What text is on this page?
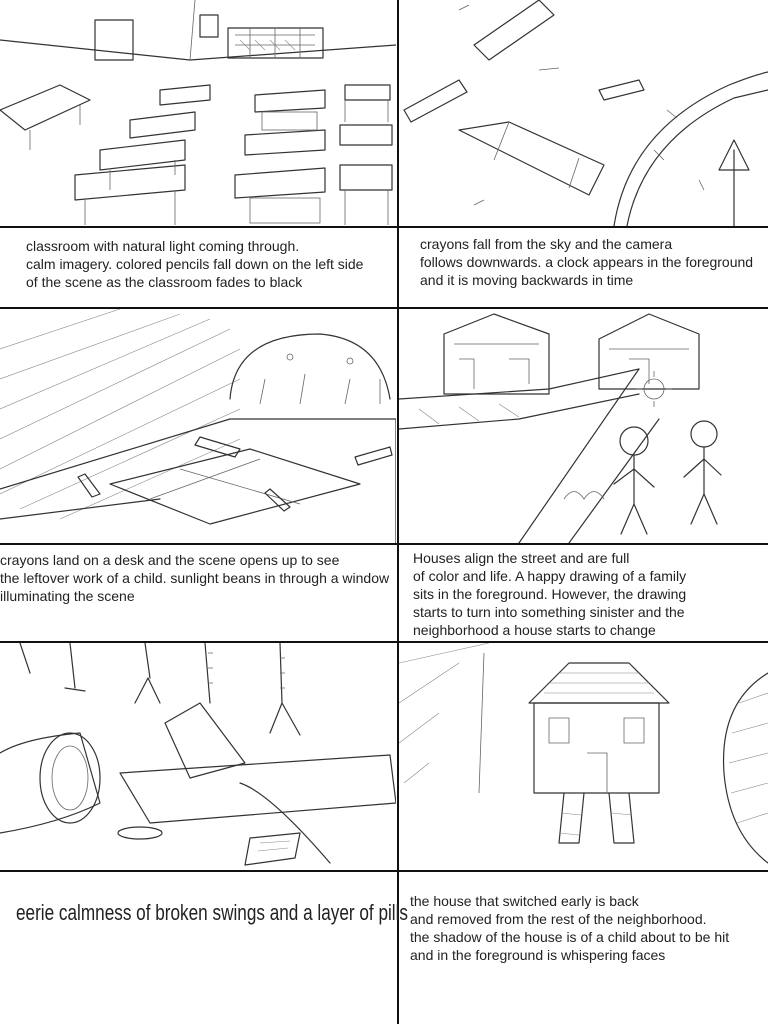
classroom with natural light coming through.
calm imagery. colored pencils fall down on the left side
of the scene as the classroom fades to black
crayons fall from the sky and the camera
follows downwards. a clock appears in the foreground
and it is moving backwards in time
crayons land on a desk and the scene opens up to see
the leftover work of a child. sunlight beans in through a window
illuminating the scene
Houses align the street and are full
of color and life. A happy drawing of a family
sits in the foreground. However, the drawing
starts to turn into something sinister and the
neighborhood a house starts to change
eerie calmness of broken swings and a layer of pills the house that switched early is back
and removed from the rest of the neighborhood.
the shadow of the house is of a child about to be hit
and in the foreground is whispering faces
